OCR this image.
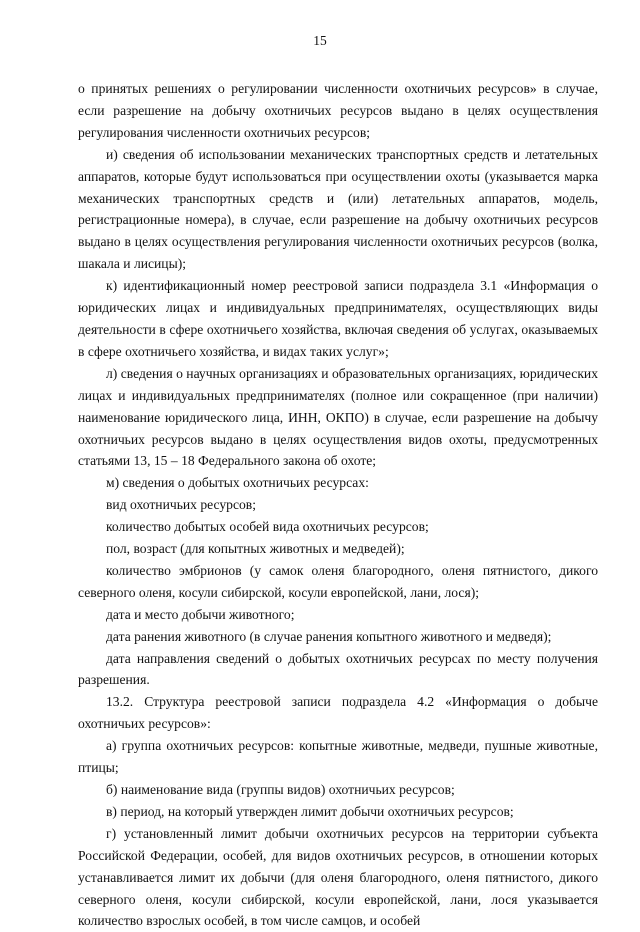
15

о принятых решениях о регулировании численности охотничьих ресурсов» в случае, если разрешение на добычу охотничьих ресурсов выдано в целях осуществления регулирования численности охотничьих ресурсов;

и) сведения об использовании механических транспортных средств и летательных аппаратов, которые будут использоваться при осуществлении охоты (указывается марка механических транспортных средств и (или) летательных аппаратов, модель, регистрационные номера), в случае, если разрешение на добычу охотничьих ресурсов выдано в целях осуществления регулирования численности охотничьих ресурсов (волка, шакала и лисицы);

к) идентификационный номер реестровой записи подраздела 3.1 «Информация о юридических лицах и индивидуальных предпринимателях, осуществляющих виды деятельности в сфере охотничьего хозяйства, включая сведения об услугах, оказываемых в сфере охотничьего хозяйства, и видах таких услуг»;

л) сведения о научных организациях и образовательных организациях, юридических лицах и индивидуальных предпринимателях (полное или сокращенное (при наличии) наименование юридического лица, ИНН, ОКПО) в случае, если разрешение на добычу охотничьих ресурсов выдано в целях осуществления видов охоты, предусмотренных статьями 13, 15 – 18 Федерального закона об охоте;

м) сведения о добытых охотничьих ресурсах:

вид охотничьих ресурсов;

количество добытых особей вида охотничьих ресурсов;

пол, возраст (для копытных животных и медведей);

количество эмбрионов (у самок оленя благородного, оленя пятнистого, дикого северного оленя, косули сибирской, косули европейской, лани, лося);

дата и место добычи животного;

дата ранения животного (в случае ранения копытного животного и медведя);

дата направления сведений о добытых охотничьих ресурсах по месту получения разрешения.

13.2. Структура реестровой записи подраздела 4.2 «Информация о добыче охотничьих ресурсов»:

а) группа охотничьих ресурсов: копытные животные, медведи, пушные животные, птицы;

б) наименование вида (группы видов) охотничьих ресурсов;

в) период, на который утвержден лимит добычи охотничьих ресурсов;

г) установленный лимит добычи охотничьих ресурсов на территории субъекта Российской Федерации, особей, для видов охотничьих ресурсов, в отношении которых устанавливается лимит их добычи (для оленя благородного, оленя пятнистого, дикого северного оленя, косули сибирской, косули европейской, лани, лося указывается количество взрослых особей, в том числе самцов, и особей
